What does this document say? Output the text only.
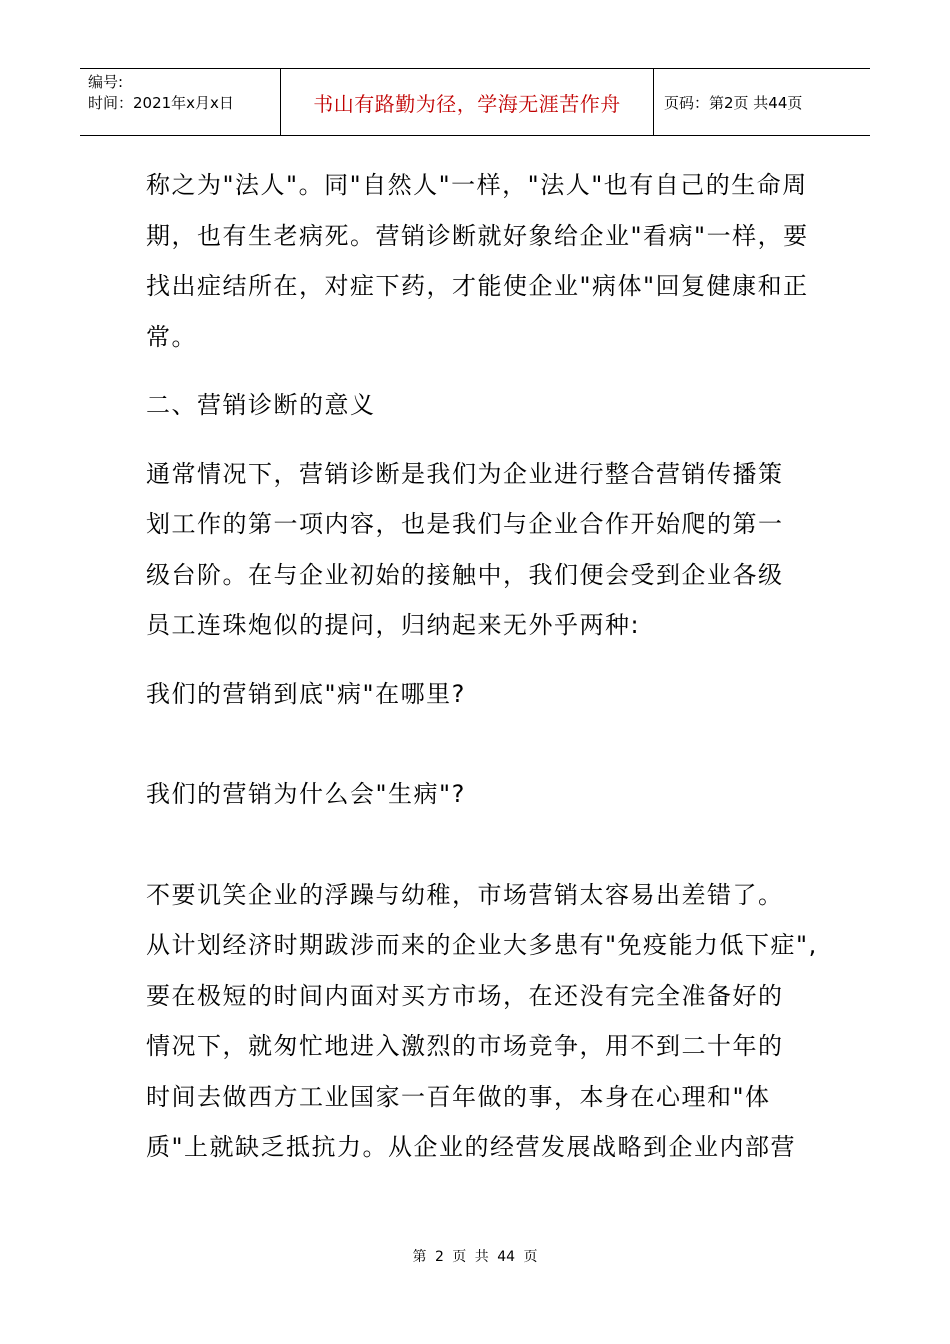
编号:
时间：2021年x月x日	书山有路勤为径，学海无涯苦作舟	页码：第2页 共44页

称之为"法人"。同"自然人"一样，"法人"也有自己的生命周
期，也有生老病死。营销诊断就好象给企业"看病"一样，要
找出症结所在，对症下药，才能使企业"病体"回复健康和正
常。

二、营销诊断的意义

通常情况下，营销诊断是我们为企业进行整合营销传播策
划工作的第一项内容，也是我们与企业合作开始爬的第一
级台阶。在与企业初始的接触中，我们便会受到企业各级
员工连珠炮似的提问，归纳起来无外乎两种:

我们的营销到底"病"在哪里?

我们的营销为什么会"生病"?

不要讥笑企业的浮躁与幼稚，市场营销太容易出差错了。
从计划经济时期跋涉而来的企业大多患有"免疫能力低下症",
要在极短的时间内面对买方市场，在还没有完全准备好的
情况下，就匆忙地进入激烈的市场竞争，用不到二十年的
时间去做西方工业国家一百年做的事，本身在心理和"体
质"上就缺乏抵抗力。从企业的经营发展战略到企业内部营

第 2 页 共 44 页
